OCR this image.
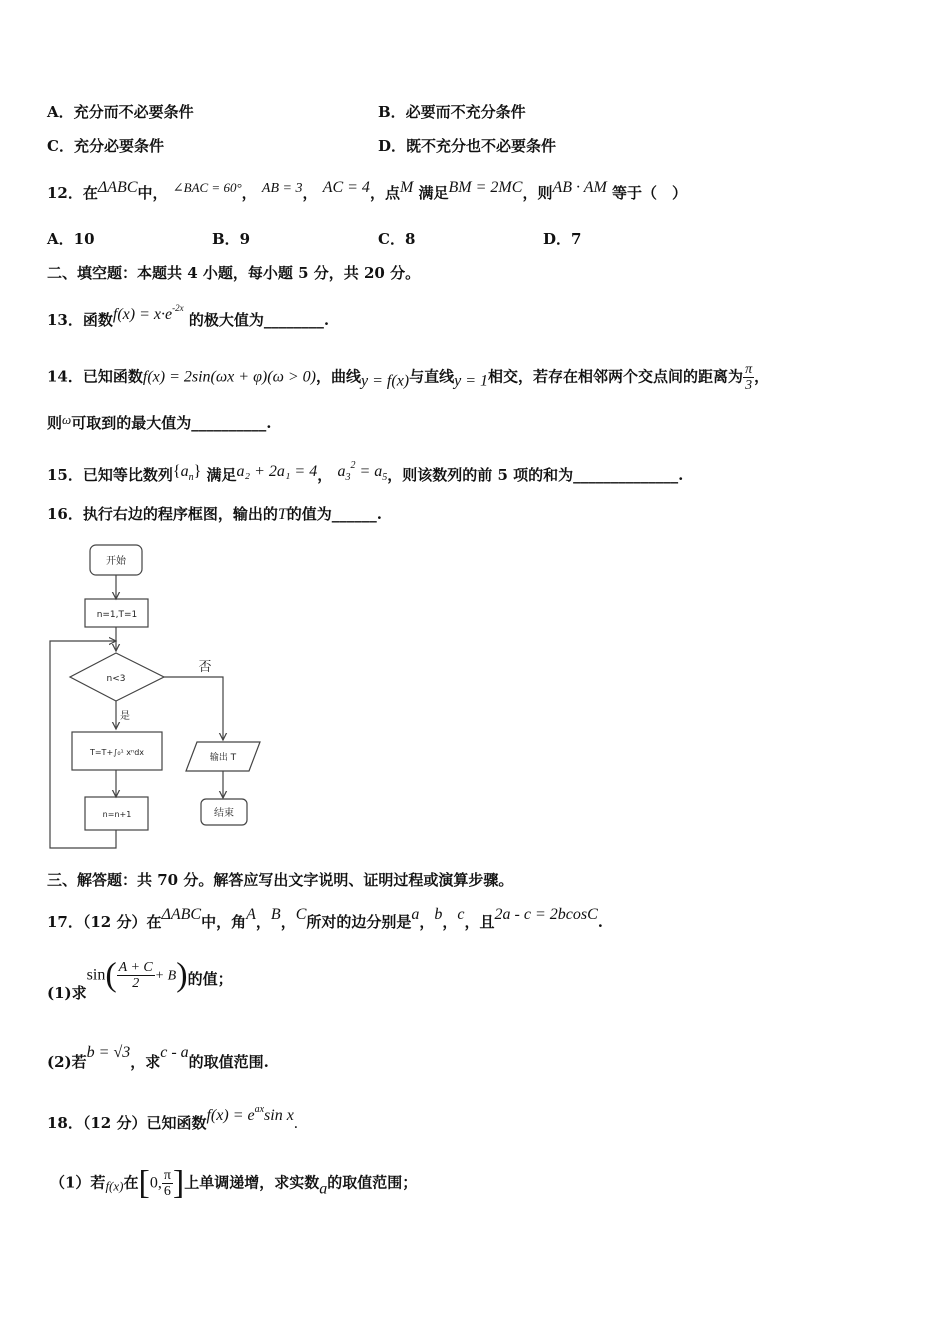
A．充分而不必要条件	B．必要而不充分条件
C．充分必要条件	D．既不充分也不必要条件
12．在ΔABC中， ∠BAC = 60°， AB = 3， AC = 4，点M 满足BM = 2MC，则AB · AM 等于（　）
A．10	B．9	C．8	D．7
二、填空题：本题共 4 小题，每小题 5 分，共 20 分。
13．函数$f(x) = x\cdot e^{-2x}$ 的极大值为________.
14．已知函数f(x) = 2sin(ωx + φ)(ω > 0)，曲线y = f(x)与直线y = 1相交，若存在相邻两个交点间的距离为 $\frac{\pi}{3}$ ，
则ω可取到的最大值为__________.
15．已知等比数列{an} 满足a₂ + 2a₁ = 4， $a3^2 = a5$，则该数列的前 5 项的和为______________.
16．执行右边的程序框图，输出的T的值为______.
开始
n=1,T=1
n<3
否
是
T=T+∫₀¹ xⁿdx
输出 T
n=n+1	结束
三、解答题：共 70 分。解答应写出文字说明、证明过程或演算步骤。
17．（12 分）在ΔABC中，角A，B，C所对的边分别是a，b，c，且2a - c = 2bcosC.
(1)求$\sin( \frac{A + C}{2} + B)$的值；
(2)若b = √3，求c - a的取值范围.
18．（12 分）已知函数$f(x) = e^{ax}\sin$ x.
（1）若f(x)在[0, $\frac{\pi}{6}$ ]上单调递增，求实数a的取值范围；
